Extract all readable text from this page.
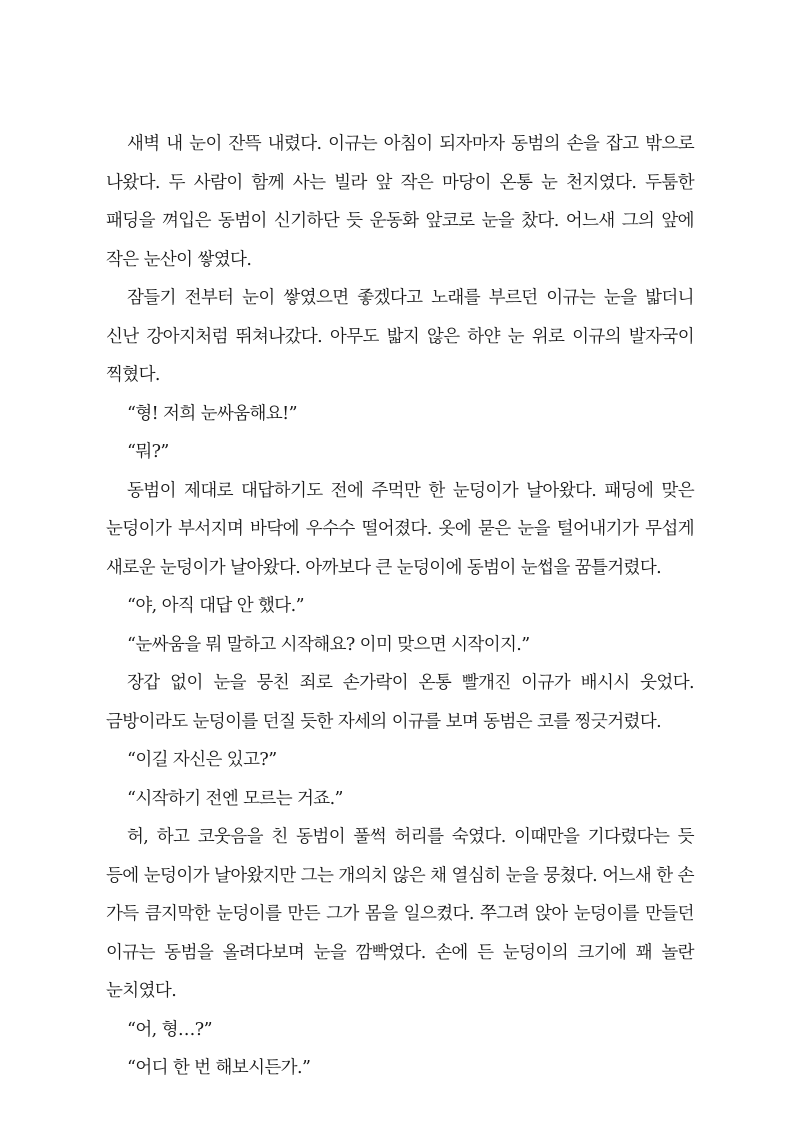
새벽 내 눈이 잔뜩 내렸다. 이규는 아침이 되자마자 동범의 손을 잡고 밖으로 나왔다. 두 사람이 함께 사는 빌라 앞 작은 마당이 온통 눈 천지였다. 두툼한 패딩을 껴입은 동범이 신기하단 듯 운동화 앞코로 눈을 찼다. 어느새 그의 앞에 작은 눈산이 쌓였다.

잠들기 전부터 눈이 쌓였으면 좋겠다고 노래를 부르던 이규는 눈을 밟더니 신난 강아지처럼 뛰쳐나갔다. 아무도 밟지 않은 하얀 눈 위로 이규의 발자국이 찍혔다.

“형! 저희 눈싸움해요!”

“뭐?”

동범이 제대로 대답하기도 전에 주먹만 한 눈덩이가 날아왔다. 패딩에 맞은 눈덩이가 부서지며 바닥에 우수수 떨어졌다. 옷에 묻은 눈을 털어내기가 무섭게 새로운 눈덩이가 날아왔다. 아까보다 큰 눈덩이에 동범이 눈썹을 꿈틀거렸다.

“야, 아직 대답 안 했다.”

“눈싸움을 뭐 말하고 시작해요? 이미 맞으면 시작이지.”

장갑 없이 눈을 뭉친 죄로 손가락이 온통 빨개진 이규가 배시시 웃었다. 금방이라도 눈덩이를 던질 듯한 자세의 이규를 보며 동범은 코를 찡긋거렸다.

“이길 자신은 있고?”

“시작하기 전엔 모르는 거죠.”

허, 하고 코웃음을 친 동범이 풀썩 허리를 숙였다. 이때만을 기다렸다는 듯 등에 눈덩이가 날아왔지만 그는 개의치 않은 채 열심히 눈을 뭉쳤다. 어느새 한 손 가득 큼지막한 눈덩이를 만든 그가 몸을 일으켰다. 쭈그려 앉아 눈덩이를 만들던 이규는 동범을 올려다보며 눈을 깜빡였다. 손에 든 눈덩이의 크기에 꽤 놀란 눈치였다.

“어, 형…?”

“어디 한 번 해보시든가.”
